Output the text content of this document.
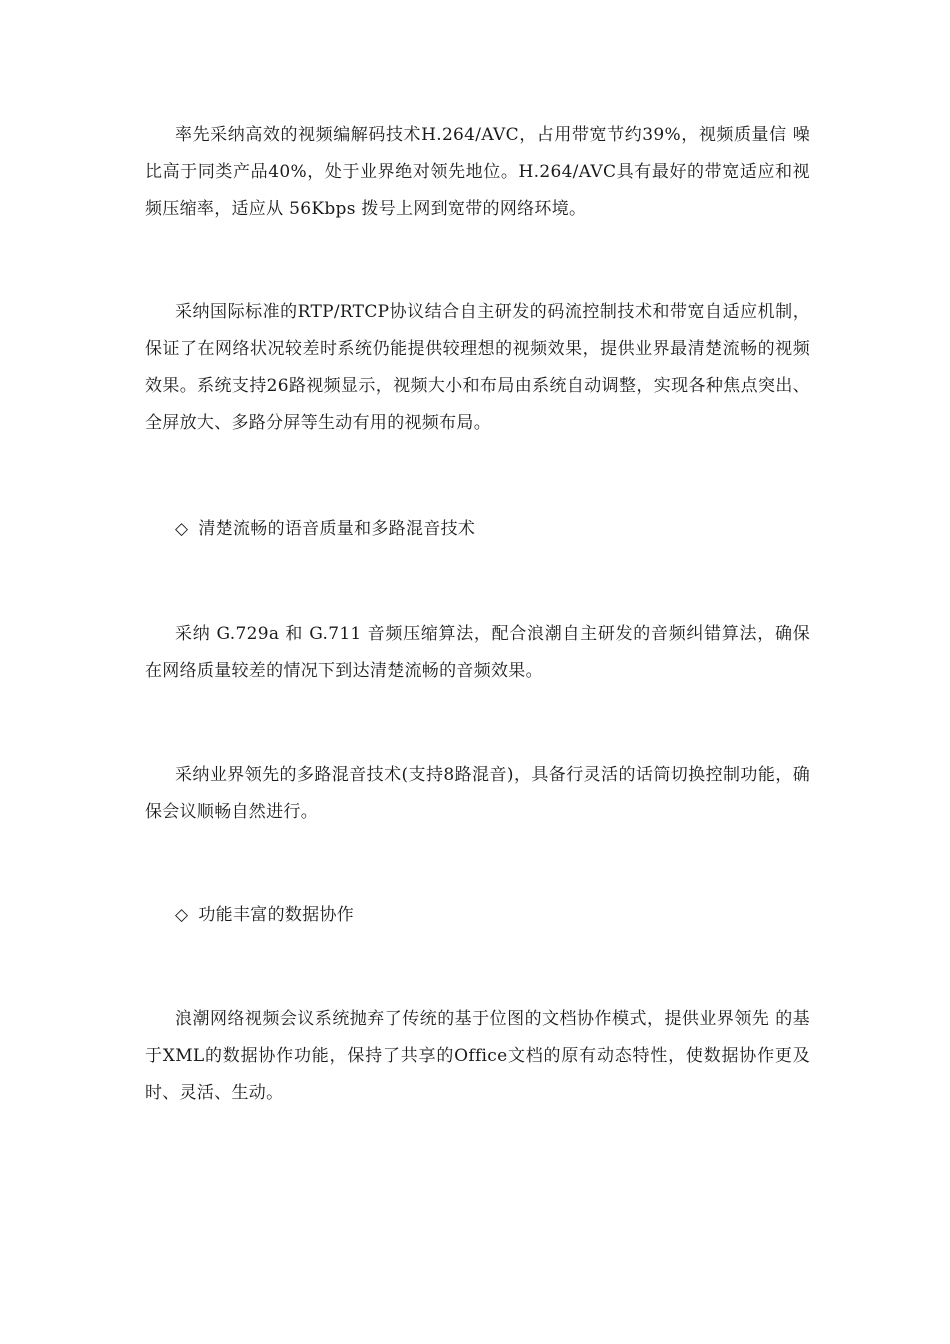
率先采纳高效的视频编解码技术H.264/AVC，占用带宽节约39%，视频质量信 噪比高于同类产品40%，处于业界绝对领先地位。H.264/AVC具有最好的带宽适应和视频压缩率，适应从 56Kbps 拨号上网到宽带的网络环境。

采纳国际标准的RTP/RTCP协议结合自主研发的码流控制技术和带宽自适应机制，保证了在网络状况较差时系统仍能提供较理想的视频效果，提供业界最清楚流畅的视频效果。系统支持26路视频显示，视频大小和布局由系统自动调整，实现各种焦点突出、全屏放大、多路分屏等生动有用的视频布局。

◇ 清楚流畅的语音质量和多路混音技术

采纳 G.729a 和 G.711 音频压缩算法，配合浪潮自主研发的音频纠错算法，确保在网络质量较差的情况下到达清楚流畅的音频效果。

采纳业界领先的多路混音技术(支持8路混音)，具备行灵活的话筒切换控制功能，确保会议顺畅自然进行。

◇ 功能丰富的数据协作

浪潮网络视频会议系统抛弃了传统的基于位图的文档协作模式，提供业界领先 的基于XML的数据协作功能，保持了共享的Office文档的原有动态特性，使数据协作更及时、灵活、生动。
